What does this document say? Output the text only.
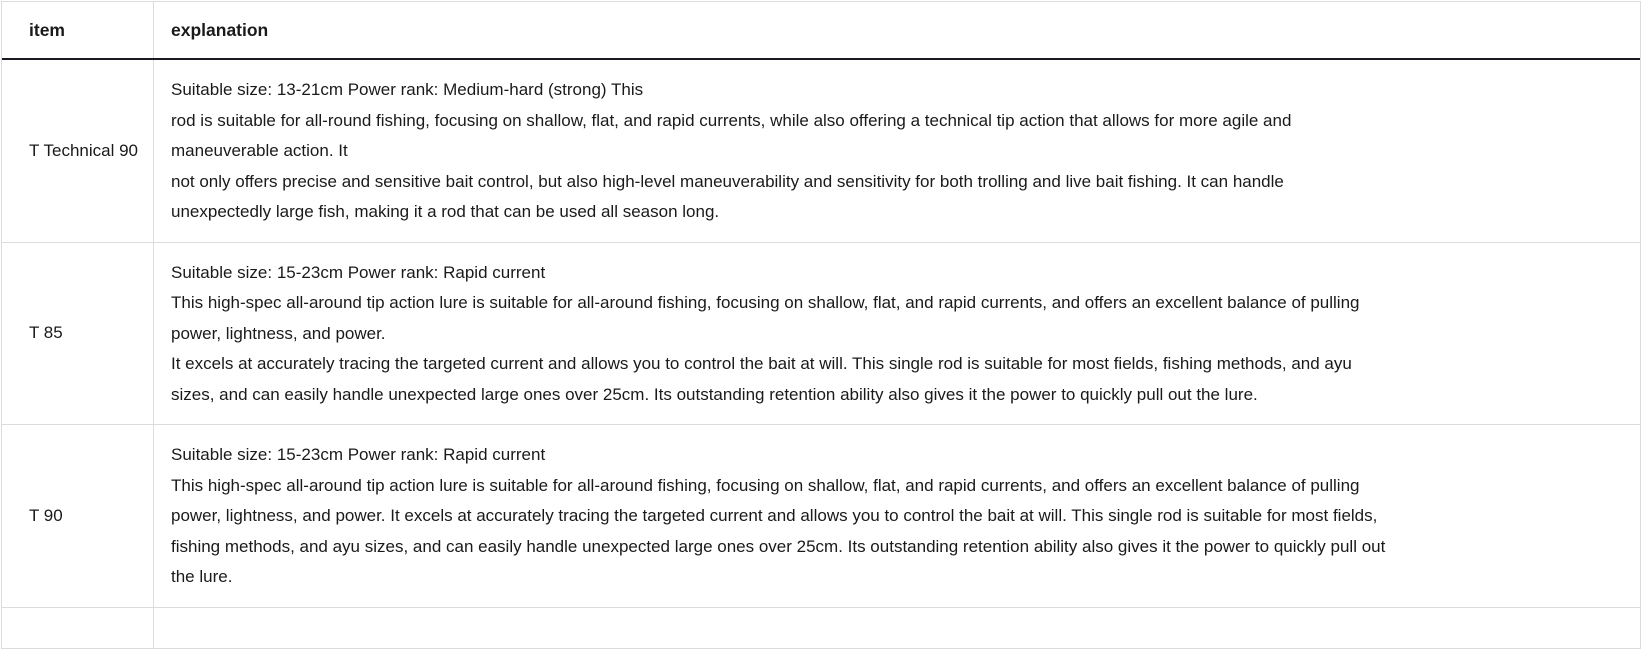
item	explanation
T Technical 90
Suitable size: 13-21cm Power rank: Medium-hard (strong) This
rod is suitable for all-round fishing, focusing on shallow, flat, and rapid currents, while also offering a technical tip action that allows for more agile and
maneuverable action. It
not only offers precise and sensitive bait control, but also high-level maneuverability and sensitivity for both trolling and live bait fishing. It can handle
unexpectedly large fish, making it a rod that can be used all season long.
T 85
Suitable size: 15-23cm Power rank: Rapid current
This high-spec all-around tip action lure is suitable for all-around fishing, focusing on shallow, flat, and rapid currents, and offers an excellent balance of pulling
power, lightness, and power.
It excels at accurately tracing the targeted current and allows you to control the bait at will. This single rod is suitable for most fields, fishing methods, and ayu
sizes, and can easily handle unexpected large ones over 25cm. Its outstanding retention ability also gives it the power to quickly pull out the lure.
T 90
Suitable size: 15-23cm Power rank: Rapid current
This high-spec all-around tip action lure is suitable for all-around fishing, focusing on shallow, flat, and rapid currents, and offers an excellent balance of pulling
power, lightness, and power. It excels at accurately tracing the targeted current and allows you to control the bait at will. This single rod is suitable for most fields,
fishing methods, and ayu sizes, and can easily handle unexpected large ones over 25cm. Its outstanding retention ability also gives it the power to quickly pull out
the lure.
